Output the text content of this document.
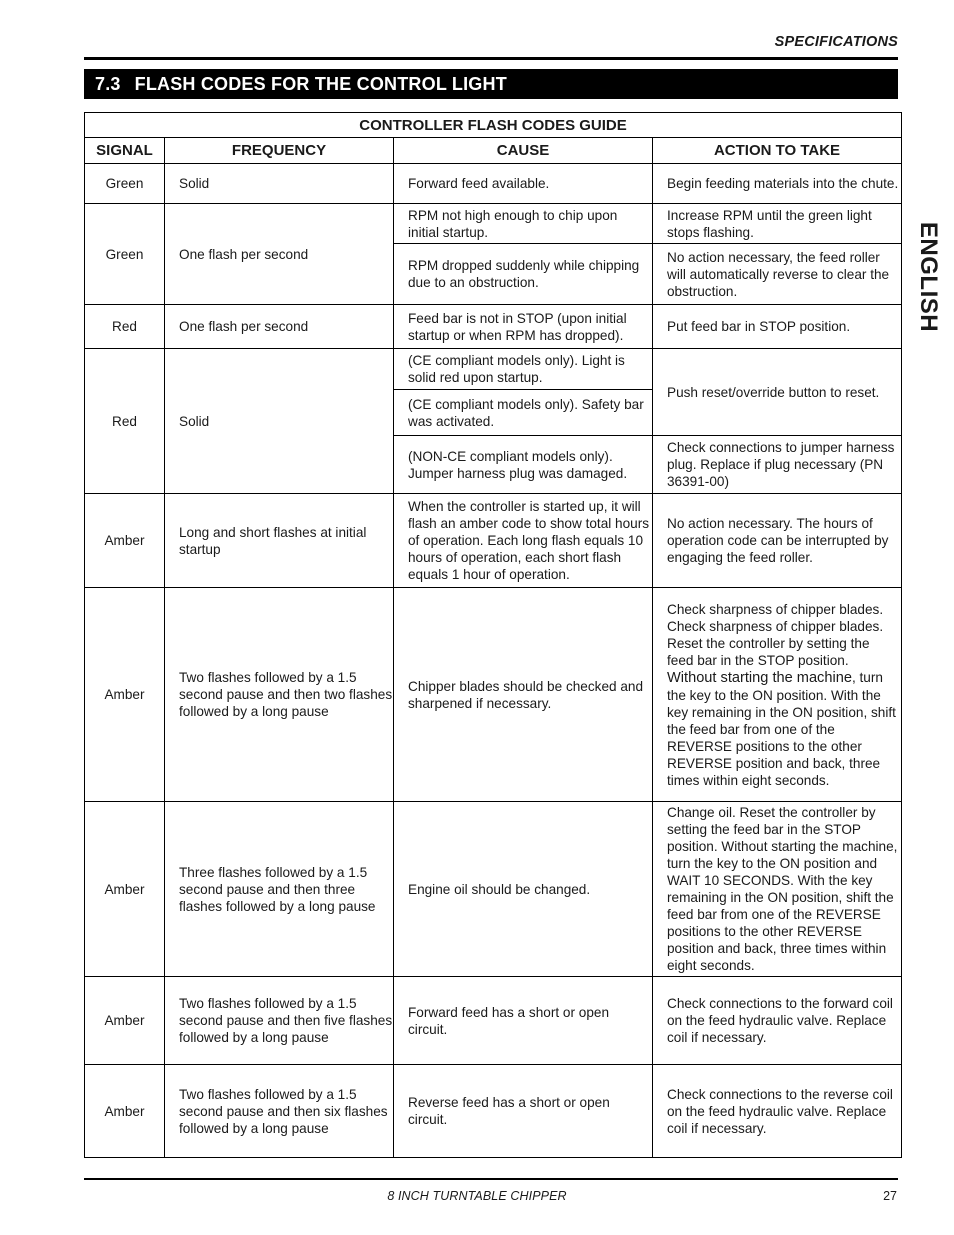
SPECIFICATIONS
7.3 FLASH CODES FOR THE CONTROL LIGHT
ENGLISH
CONTROLLER FLASH CODES GUIDE			
SIGNAL	FREQUENCY	CAUSE	ACTION TO TAKE
Green	Solid	Forward feed available.	Begin feeding materials into the chute.
Green	One flash per second	RPM not high enough to chip upon initial startup.	Increase RPM until the green light stops flashing.
		RPM dropped suddenly while chipping due to an obstruction.	No action necessary, the feed roller will automatically reverse to clear the obstruction.
Red	One flash per second	Feed bar is not in STOP (upon initial startup or when RPM has dropped).	Put feed bar in STOP position.
Red	Solid	(CE compliant models only). Light is solid red upon startup.	Push reset/override button to reset.
		(CE compliant models only). Safety bar was activated.	
		(NON-CE compliant models only). Jumper harness plug was damaged.	Check connections to jumper harness plug. Replace if plug necessary (PN 36391-00)
Amber	Long and short flashes at initial startup	When the controller is started up, it will flash an amber code to show total hours of operation. Each long flash equals 10 hours of operation, each short flash equals 1 hour of operation.	No action necessary. The hours of operation code can be interrupted by engaging the feed roller.
Amber	Two flashes followed by a 1.5 second pause and then two flashes followed by a long pause	Chipper blades should be checked and sharpened if necessary.	Check sharpness of chipper blades. Check sharpness of chipper blades. Reset the controller by setting the feed bar in the STOP position. Without starting the machine, turn the key to the ON position. With the key remaining in the ON position, shift the feed bar from one of the REVERSE positions to the other REVERSE position and back, three times within eight seconds.
Amber	Three flashes followed by a 1.5 second pause and then three flashes followed by a long pause	Engine oil should be changed.	Change oil. Reset the controller by setting the feed bar in the STOP position. Without starting the machine, turn the key to the ON position and WAIT 10 SECONDS. With the key remaining in the ON position, shift the feed bar from one of the REVERSE positions to the other REVERSE position and back, three times within eight seconds.
Amber	Two flashes followed by a 1.5 second pause and then five flashes followed by a long pause	Forward feed has a short or open circuit.	Check connections to the forward coil on the feed hydraulic valve. Replace coil if necessary.
Amber	Two flashes followed by a 1.5 second pause and then six flashes followed by a long pause	Reverse feed has a short or open circuit.	Check connections to the reverse coil on the feed hydraulic valve. Replace coil if necessary.
8 INCH TURNTABLE CHIPPER	27
